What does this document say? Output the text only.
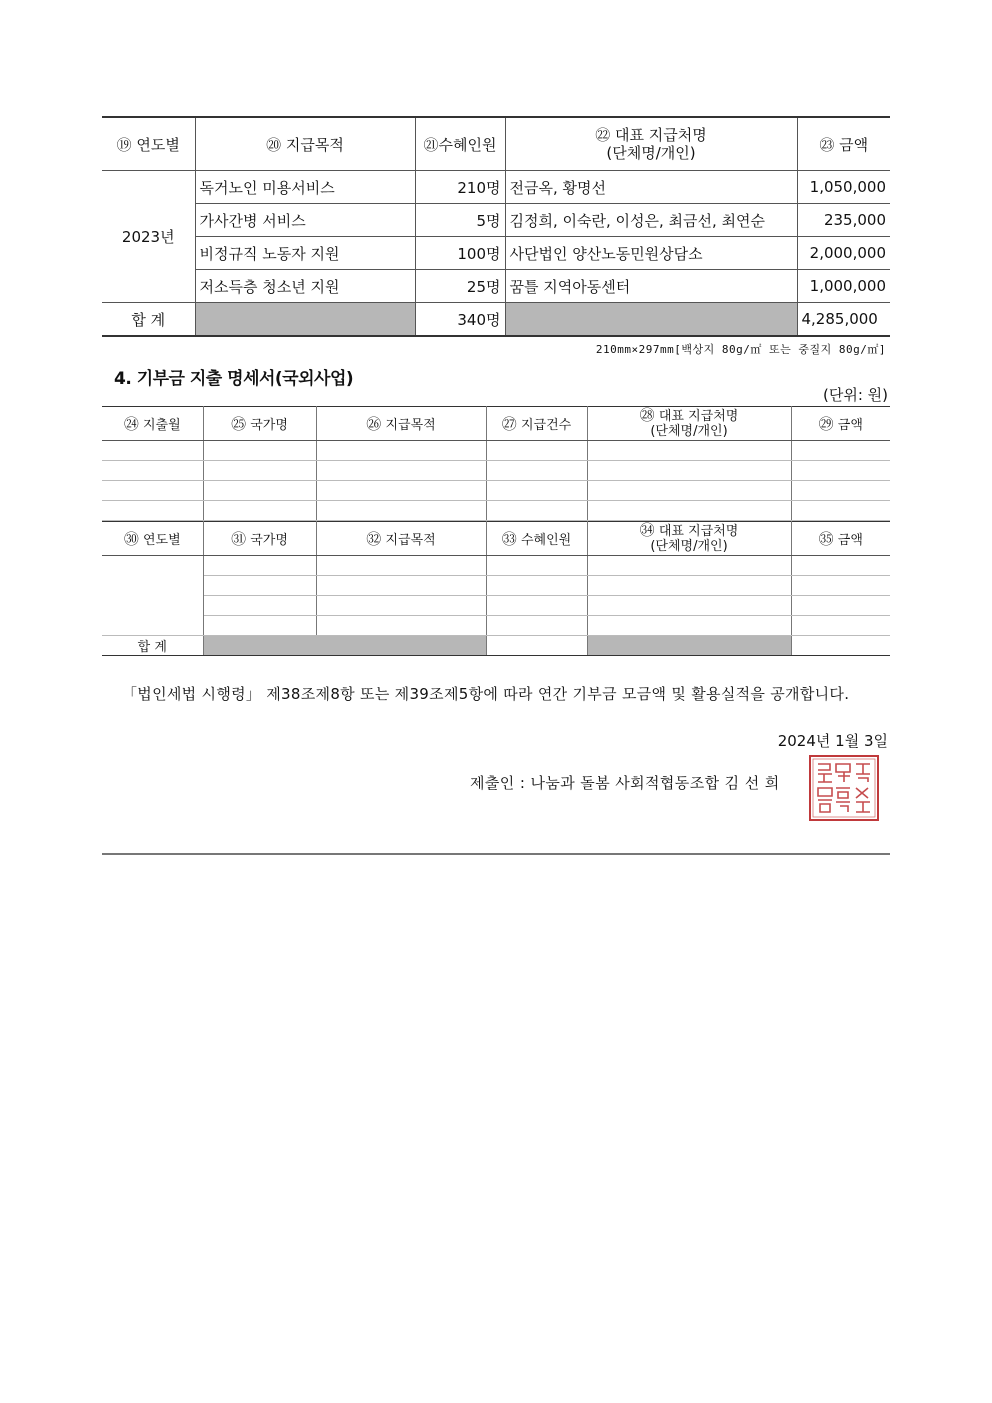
⑲ 연도별	⑳ 지급목적	㉑수혜인원	㉒ 대표 지급처명
(단체명/개인)	㉓ 금액
2023년	독거노인 미용서비스	210명	전금옥, 황명선	1,050,000
	가사간병 서비스	5명	김정희, 이숙란, 이성은, 최금선, 최연순	235,000
	비정규직 노동자 지원	100명	사단법인 양산노동민원상담소	2,000,000
	저소득층 청소년 지원	25명	꿈틀 지역아동센터	1,000,000
합 계		340명		4,285,000
210mm×297mm[백상지 80g/㎡ 또는 중질지 80g/㎡]
4. 기부금 지출 명세서(국외사업)
(단위: 원)
㉔ 지출월	㉕ 국가명	㉖ 지급목적	㉗ 지급건수	㉘ 대표 지급처명
(단체명/개인)	㉙ 금액

㉚ 연도별	㉛ 국가명	㉜ 지급목적	㉝ 수혜인원	㉞ 대표 지급처명
(단체명/개인)	㉟ 금액

합 계					
「법인세법 시행령」 제38조제8항 또는 제39조제5항에 따라 연간 기부금 모금액 및 활용실적을 공개합니다.
2024년 1월 3일
제출인 : 나눔과 돌봄 사회적협동조합 김 선 희
